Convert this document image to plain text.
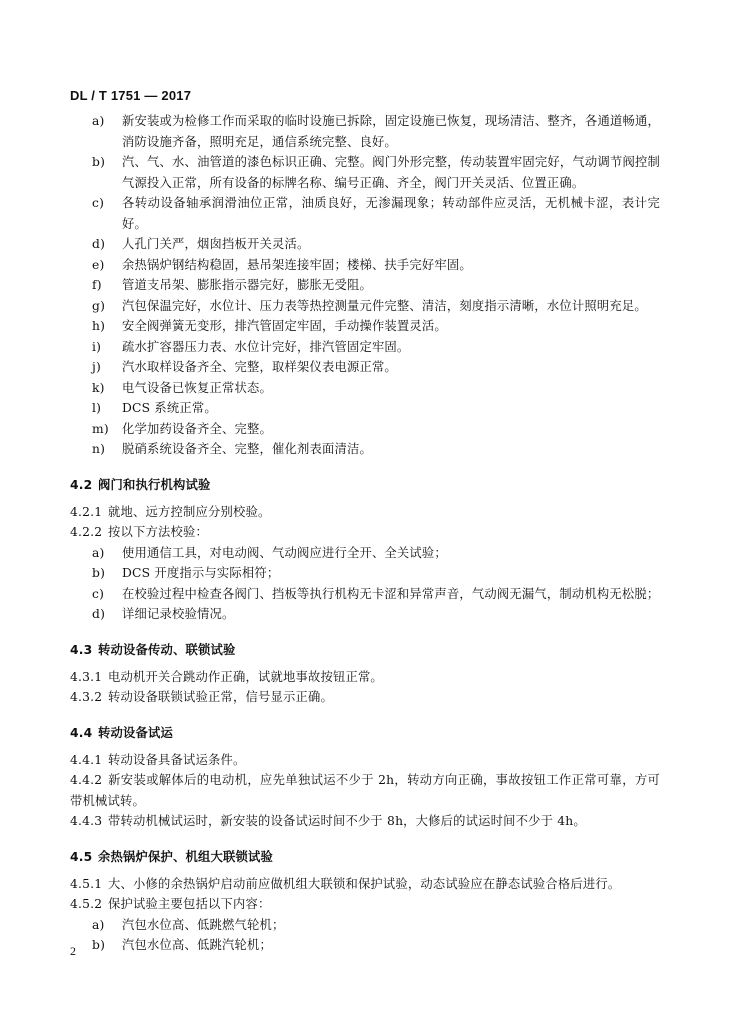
DL / T 1751 — 2017
a) 新安装或为检修工作而采取的临时设施已拆除，固定设施已恢复，现场清洁、整齐，各通道畅通，消防设施齐备，照明充足，通信系统完整、良好。
b) 汽、气、水、油管道的漆色标识正确、完整。阀门外形完整，传动装置牢固完好，气动调节阀控制气源投入正常，所有设备的标牌名称、编号正确、齐全，阀门开关灵活、位置正确。
c) 各转动设备轴承润滑油位正常，油质良好，无渗漏现象；转动部件应灵活，无机械卡涩，表计完好。
d) 人孔门关严，烟囱挡板开关灵活。
e) 余热锅炉钢结构稳固，悬吊架连接牢固；楼梯、扶手完好牢固。
f) 管道支吊架、膨胀指示器完好，膨胀无受阻。
g) 汽包保温完好，水位计、压力表等热控测量元件完整、清洁，刻度指示清晰，水位计照明充足。
h) 安全阀弹簧无变形，排汽管固定牢固，手动操作装置灵活。
i) 疏水扩容器压力表、水位计完好，排汽管固定牢固。
j) 汽水取样设备齐全、完整，取样架仪表电源正常。
k) 电气设备已恢复正常状态。
l) DCS 系统正常。
m) 化学加药设备齐全、完整。
n) 脱硝系统设备齐全、完整，催化剂表面清洁。
4.2 阀门和执行机构试验
4.2.1 就地、远方控制应分别校验。
4.2.2 按以下方法校验：
a) 使用通信工具，对电动阀、气动阀应进行全开、全关试验；
b) DCS 开度指示与实际相符；
c) 在校验过程中检查各阀门、挡板等执行机构无卡涩和异常声音，气动阀无漏气，制动机构无松脱；
d) 详细记录校验情况。
4.3 转动设备传动、联锁试验
4.3.1 电动机开关合跳动作正确，试就地事故按钮正常。
4.3.2 转动设备联锁试验正常，信号显示正确。
4.4 转动设备试运
4.4.1 转动设备具备试运条件。
4.4.2 新安装或解体后的电动机，应先单独试运不少于 2h，转动方向正确，事故按钮工作正常可靠，方可带机械试转。
4.4.3 带转动机械试运时，新安装的设备试运时间不少于 8h，大修后的试运时间不少于 4h。
4.5 余热锅炉保护、机组大联锁试验
4.5.1 大、小修的余热锅炉启动前应做机组大联锁和保护试验，动态试验应在静态试验合格后进行。
4.5.2 保护试验主要包括以下内容：
a) 汽包水位高、低跳燃气轮机；
b) 汽包水位高、低跳汽轮机；
2
